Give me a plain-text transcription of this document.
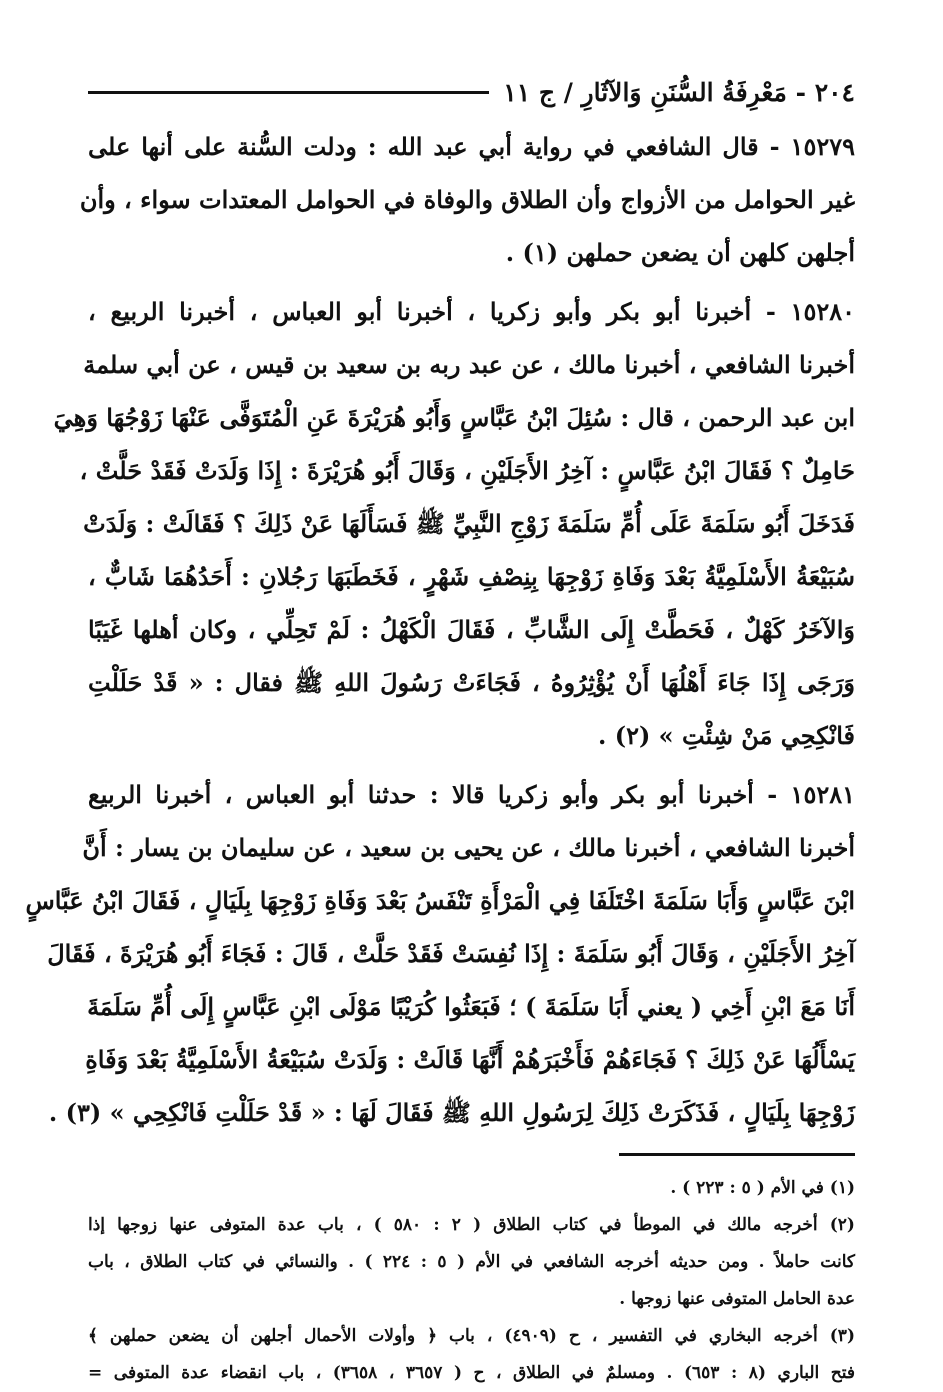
٢٠٤ - مَعْرِفَةُ السُّنَنِ وَالآثَارِ / ج ١١
١٥٢٧٩ - قال الشافعي في رواية أبي عبد الله : ودلت السُّنة على أنها على
غير الحوامل من الأزواج وأن الطلاق والوفاة في الحوامل المعتدات سواء ، وأن
أجلهن كلهن أن يضعن حملهن (١) .
١٥٢٨٠ - أخبرنا أبو بكر وأبو زكريا ، أخبرنا أبو العباس ، أخبرنا الربيع ،
أخبرنا الشافعي ، أخبرنا مالك ، عن عبد ربه بن سعيد بن قيس ، عن أبي سلمة
ابن عبد الرحمن ، قال : سُئِلَ ابْنُ عَبَّاسٍ وَأَبُو هُرَيْرَةَ عَنِ الْمُتَوَفَّى عَنْهَا زَوْجُهَا وَهِيَ
حَامِلٌ ؟ فَقَالَ ابْنُ عَبَّاسٍ : آخِرُ الأَجَلَيْنِ ، وَقَالَ أَبُو هُرَيْرَةَ : إِذَا وَلَدَتْ فَقَدْ حَلَّتْ ،
فَدَخَلَ أَبُو سَلَمَةَ عَلَى أُمِّ سَلَمَةَ زَوْجِ النَّبِيِّ ﷺ فَسَأَلَهَا عَنْ ذَلِكَ ؟ فَقَالَتْ : وَلَدَتْ
سُبَيْعَةُ الأَسْلَمِيَّةُ بَعْدَ وَفَاةِ زَوْجِهَا بِنِصْفِ شَهْرٍ ، فَخَطَبَهَا رَجُلانِ : أَحَدُهُمَا شَابٌّ ،
وَالآخَرُ كَهْلٌ ، فَحَطَّتْ إِلَى الشَّابِّ ، فَقَالَ الْكَهْلُ : لَمْ تَحِلِّي ، وكان أهلها غَيَبًا
وَرَجَى إِذَا جَاءَ أَهْلُهَا أَنْ يُؤْثِرُوهُ ، فَجَاءَتْ رَسُولَ اللهِ ﷺ فقال : « قَدْ حَلَلْتِ
فَانْكِحِي مَنْ شِئْتِ » (٢) .
١٥٢٨١ - أخبرنا أبو بكر وأبو زكريا قالا : حدثنا أبو العباس ، أخبرنا الربيع
أخبرنا الشافعي ، أخبرنا مالك ، عن يحيى بن سعيد ، عن سليمان بن يسار : أَنَّ
ابْنَ عَبَّاسٍ وَأَبَا سَلَمَةَ اخْتَلَفَا فِي الْمَرْأَةِ تَنْفَسُ بَعْدَ وَفَاةِ زَوْجِهَا بِلَيَالٍ ، فَقَالَ ابْنُ عَبَّاسٍ
آخِرُ الأَجَلَيْنِ ، وَقَالَ أَبُو سَلَمَةَ : إِذَا نُفِسَتْ فَقَدْ حَلَّتْ ، قَالَ : فَجَاءَ أَبُو هُرَيْرَةَ ، فَقَالَ
أَنَا مَعَ ابْنِ أَخِي ( يعني أَبَا سَلَمَةَ ) ؛ فَبَعَثُوا كُرَيْبًا مَوْلَى ابْنِ عَبَّاسٍ إِلَى أُمِّ سَلَمَةَ
يَسْأَلُهَا عَنْ ذَلِكَ ؟ فَجَاءَهُمْ فَأَخْبَرَهُمْ أَنَّهَا قَالَتْ : وَلَدَتْ سُبَيْعَةُ الأَسْلَمِيَّةُ بَعْدَ وَفَاةِ
زَوْجِهَا بِلَيَالٍ ، فَذَكَرَتْ ذَلِكَ لِرَسُولِ اللهِ ﷺ فَقَالَ لَهَا : « قَدْ حَلَلْتِ فَانْكِحِي » (٣) .
(١) في الأم ( ٥ : ٢٢٣ ) .
(٢) أخرجه مالك في الموطأ في كتاب الطلاق ( ٢ : ٥٨٠ ) ، باب عدة المتوفى عنها زوجها إذا
كانت حاملاً . ومن حديثه أخرجه الشافعي في الأم ( ٥ : ٢٢٤ ) . والنسائي في كتاب الطلاق ، باب
عدة الحامل المتوفى عنها زوجها .
(٣) أخرجه البخاري في التفسير ، ح (٤٩٠٩) ، باب ﴿ وأولات الأحمال أجلهن أن يضعن حملهن ﴾
فتح الباري (٨ : ٦٥٣) . ومسلمٌ في الطلاق ، ح ( ٣٦٥٧ ، ٣٦٥٨) ، باب انقضاء عدة المتوفى =
